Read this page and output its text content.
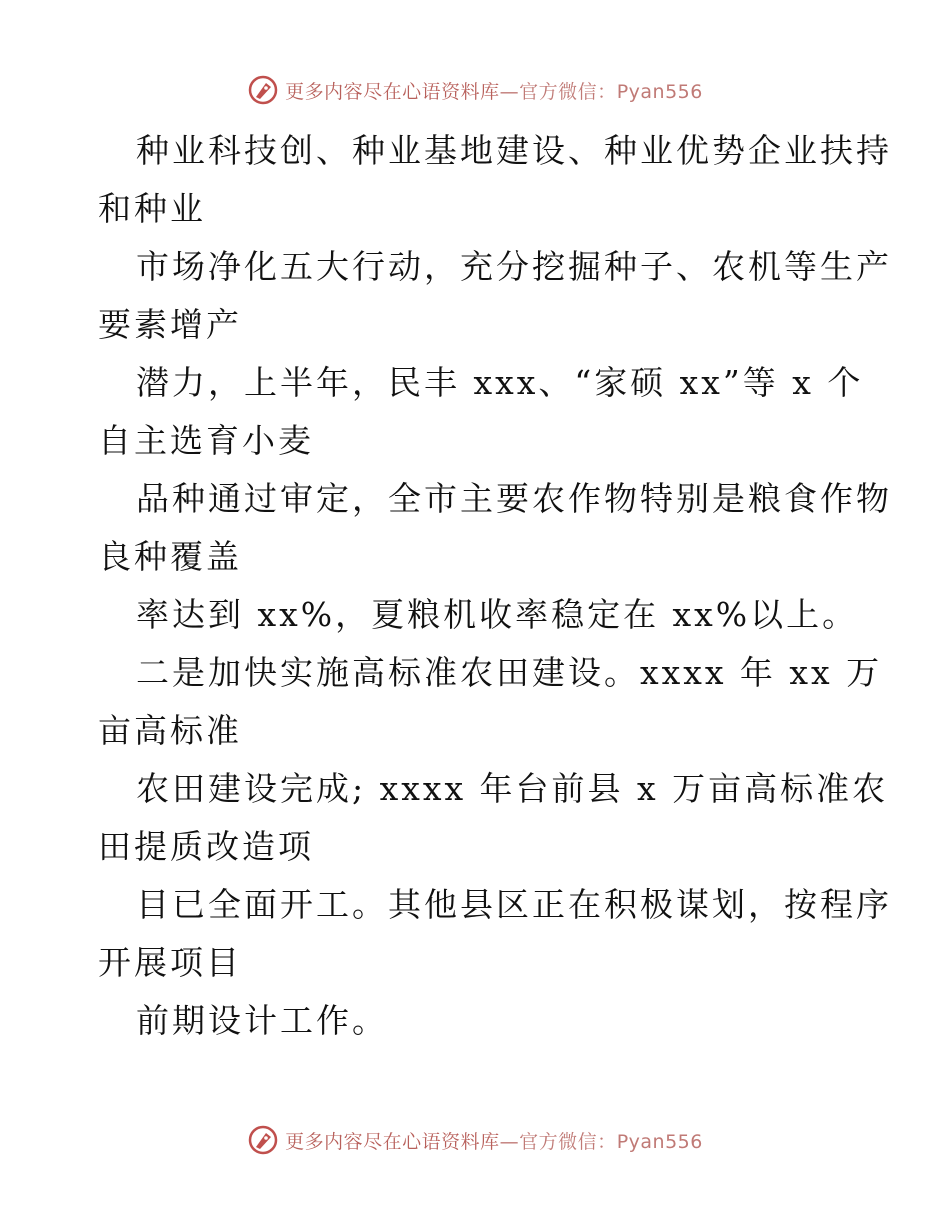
更多内容尽在心语资料库—官方微信：Pyan556
种业科技创、种业基地建设、种业优势企业扶持
和种业
市场净化五大行动，充分挖掘种子、农机等生产
要素增产
潜力，上半年，民丰 xxx、“家硕 xx”等 x 个
自主选育小麦
品种通过审定，全市主要农作物特别是粮食作物
良种覆盖
率达到 xx%，夏粮机收率稳定在 xx%以上。
二是加快实施高标准农田建设。xxxx 年 xx 万
亩高标准
农田建设完成; xxxx 年台前县 x 万亩高标准农
田提质改造项
目已全面开工。其他县区正在积极谋划，按程序
开展项目
前期设计工作。
更多内容尽在心语资料库—官方微信：Pyan556
